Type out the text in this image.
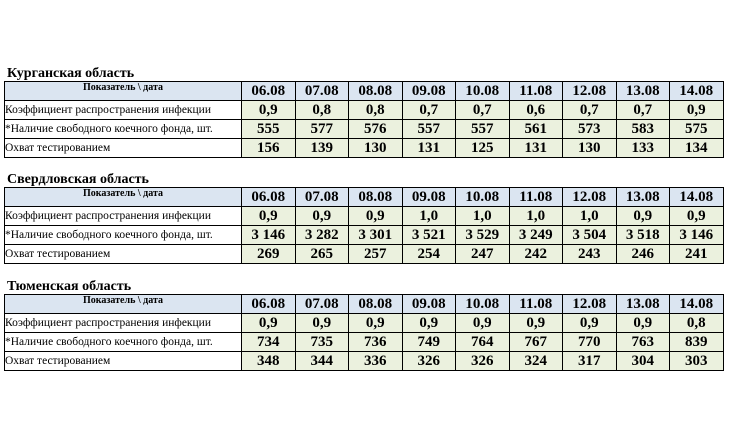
Курганская область
Показатель \ дата	06.08	07.08	08.08	09.08	10.08	11.08	12.08	13.08	14.08
Коэффициент распространения инфекции	0,9	0,8	0,8	0,7	0,7	0,6	0,7	0,7	0,9
*Наличие свободного коечного фонда, шт.	555	577	576	557	557	561	573	583	575
Охват тестированием	156	139	130	131	125	131	130	133	134
Свердловская область
Показатель \ дата	06.08	07.08	08.08	09.08	10.08	11.08	12.08	13.08	14.08
Коэффициент распространения инфекции	0,9	0,9	0,9	1,0	1,0	1,0	1,0	0,9	0,9
*Наличие свободного коечного фонда, шт.	3 146	3 282	3 301	3 521	3 529	3 249	3 504	3 518	3 146
Охват тестированием	269	265	257	254	247	242	243	246	241
Тюменская область
Показатель \ дата	06.08	07.08	08.08	09.08	10.08	11.08	12.08	13.08	14.08
Коэффициент распространения инфекции	0,9	0,9	0,9	0,9	0,9	0,9	0,9	0,9	0,8
*Наличие свободного коечного фонда, шт.	734	735	736	749	764	767	770	763	839
Охват тестированием	348	344	336	326	326	324	317	304	303
